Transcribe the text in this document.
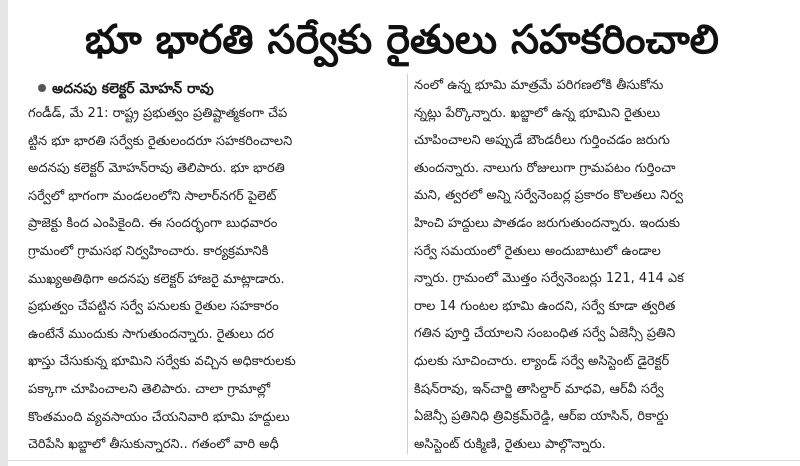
భూ భారతి సర్వేకు రైతులు సహకరించాలి
అదనపు కలెక్టర్ మోహన్ రావు
గండీడ్, మే 21: రాష్ట్ర ప్రభుత్వం ప్రతిష్టాత్మకంగా చేప
ట్టిన భూ భారతి సర్వేకు రైతులందరూ సహకరించాలని
అదనపు కలెక్టర్ మోహన్‌రావు తెలిపారు. భూ భారతి
సర్వేలో భాగంగా మండలంలోని సాలార్‌నగర్ పైలెట్
ప్రాజెక్టు కింద ఎంపికైంది. ఈ సందర్భంగా బుధవారం
గ్రామంలో గ్రామసభ నిర్వహించారు. కార్యక్రమానికి
ముఖ్యఅతిథిగా అదనపు కలెక్టర్ హాజరై మాట్లాడారు.
ప్రభుత్వం చేపట్టిన సర్వే పనులకు రైతుల సహకారం
ఉంటేనే ముందుకు సాగుతుందన్నారు. రైతులు దర
ఖాస్తు చేసుకున్న భూమిని సర్వేకు వచ్చిన అధికారులకు
పక్కాగా చూపించాలని తెలిపారు. చాలా గ్రామాల్లో
కొంతమంది వ్యవసాయం చేయనివారి భూమి హద్దులు
చెరిపేసి ఖబ్జాలో తీసుకున్నారని.. గతంలో వారి అధీ
నంలో ఉన్న భూమి మాత్రమే పరిగణలోకి తీసుకోను
న్నట్లు పేర్కొన్నారు. ఖబ్జాలో ఉన్న భూమిని రైతులు
చూపించాలని అప్పుడే బౌండరీలు గుర్తించడం జరుగు
తుందన్నారు. నాలుగు రోజులుగా గ్రామపటం గుర్తించా
మని, త్వరలో అన్ని సర్వేనెంబర్ల ప్రకారం కొలతలు నిర్వ
హించి హద్దులు పాతడం జరుగుతుందన్నారు. ఇందుకు
సర్వే సమయంలో రైతులు అందుబాటులో ఉండాల
న్నారు. గ్రామంలో మొత్తం సర్వేనెంబర్లు 121, 414 ఎక
రాల 14 గుంటల భూమి ఉందని, సర్వే కూడా త్వరిత
గతిన పూర్తి చేయాలని సంబంధిత సర్వే ఏజెన్సీ ప్రతిని
ధులకు సూచించారు. ల్యాండ్ సర్వే అసిస్టెంట్ డైరెక్టర్
కిషన్‌రావు, ఇన్‌చార్జి తాసిల్దార్ మాధవి, ఆర్‌వీ సర్వే
ఏజెన్సీ ప్రతినిధి త్రివిక్రమ్‌రెడ్డి, ఆర్‌ఐ యాసిన్, రికార్డు
అసిస్టెంట్ రుక్మిణి, రైతులు పాల్గొన్నారు.
